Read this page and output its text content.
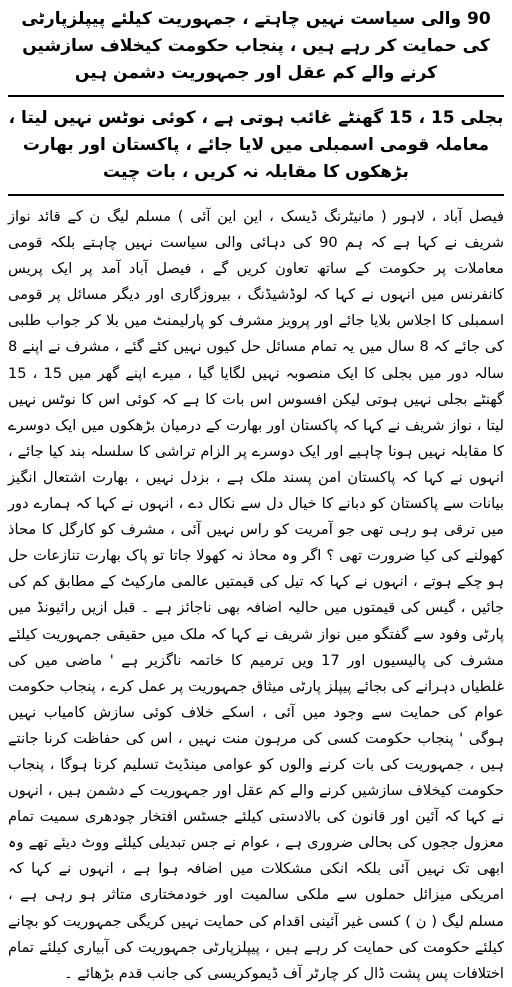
90 والی سیاست نہیں چاہتے ، جمہوریت کیلئے پیپلزپارٹی کی حمایت کر رہے ہیں ، پنجاب حکومت کیخلاف سازشیں کرنے والے کم عقل اور جمہوریت دشمن ہیں
بجلی 15 ، 15 گھنٹے غائب ہوتی ہے ، کوئی نوٹس نہیں لیتا ، معاملہ قومی اسمبلی میں لایا جائے ، پاکستان اور بھارت بڑھکوں کا مقابلہ نہ کریں ، بات چیت

فیصل آباد ، لاہور ( مانیٹرنگ ڈیسک ، این این آئی ) مسلم لیگ ن کے قائد نواز شریف نے کہا ہے کہ ہم 90 کی دہائی والی سیاست نہیں چاہتے بلکہ قومی معاملات پر حکومت کے ساتھ تعاون کریں گے ، فیصل آباد آمد پر ایک پریس کانفرنس میں انہوں نے کہا کہ لوڈشیڈنگ ، بیروزگاری اور دیگر مسائل پر قومی اسمبلی کا اجلاس بلایا جائے اور پرویز مشرف کو پارلیمنٹ میں بلا کر جواب طلبی کی جائے کہ 8 سال میں یہ تمام مسائل حل کیوں نہیں کئے گئے ، مشرف نے اپنے 8 سالہ دور میں بجلی کا ایک منصوبہ نہیں لگایا گیا ، میرے اپنے گھر میں 15 ، 15 گھنٹے بجلی نہیں ہوتی لیکن افسوس اس بات کا ہے کہ کوئی اس کا نوٹس نہیں لیتا ، نواز شریف نے کہا کہ پاکستان اور بھارت کے درمیان بڑھکوں میں ایک دوسرے کا مقابلہ نہیں ہونا چاہیے اور ایک دوسرے پر الزام تراشی کا سلسلہ بند کیا جائے ، انہوں نے کہا کہ پاکستان امن پسند ملک ہے ، بزدل نہیں ، بھارت اشتعال انگیز بیانات سے پاکستان کو دبانے کا خیال دل سے نکال دے ، انہوں نے کہا کہ ہمارے دور میں ترقی ہو رہی تھی جو آمریت کو راس نہیں آئی ، مشرف کو کارگل کا محاذ کھولنے کی کیا ضرورت تھی ؟ اگر وہ محاذ نہ کھولا جاتا تو پاک بھارت تنازعات حل ہو چکے ہوتے ، انہوں نے کہا کہ تیل کی قیمتیں عالمی مارکیٹ کے مطابق کم کی جائیں ، گیس کی قیمتوں میں حالیہ اضافہ بھی ناجائز ہے ۔ قبل ازیں رائیونڈ میں پارٹی وفود سے گفتگو میں نواز شریف نے کہا کہ ملک میں حقیقی جمہوریت کیلئے مشرف کی پالیسیوں اور 17 ویں ترمیم کا خاتمہ ناگزیر ہے ' ماضی میں کی غلطیاں دہرانے کی بجائے پیپلز پارٹی میثاق جمہوریت پر عمل کرے ، پنجاب حکومت عوام کی حمایت سے وجود میں آئی ، اسکے خلاف کوئی سازش کامیاب نہیں ہوگی ' پنجاب حکومت کسی کی مرہون منت نہیں ، اس کی حفاظت کرنا جانتے ہیں ، جمہوریت کی بات کرنے والوں کو عوامی مینڈیٹ تسلیم کرنا ہوگا ، پنجاب حکومت کیخلاف سازشیں کرنے والے کم عقل اور جمہوریت کے دشمن ہیں ، انہوں نے کہا کہ آئین اور قانون کی بالادستی کیلئے جسٹس افتخار چودھری سمیت تمام معزول ججوں کی بحالی ضروری ہے ، عوام نے جس تبدیلی کیلئے ووٹ دیئے تھے وہ ابھی تک نہیں آئی بلکہ انکی مشکلات میں اضافہ ہوا ہے ، انہوں نے کہا کہ امریکی میزائل حملوں سے ملکی سالمیت اور خودمختاری متاثر ہو رہی ہے ، مسلم لیگ ( ن ) کسی غیر آئینی اقدام کی حمایت نہیں کریگی جمہوریت کو بچانے کیلئے حکومت کی حمایت کر رہے ہیں ، پیپلزپارٹی جمہوریت کی آبیاری کیلئے تمام اختلافات پس پشت ڈال کر چارٹر آف ڈیموکریسی کی جانب قدم بڑھائے ۔
